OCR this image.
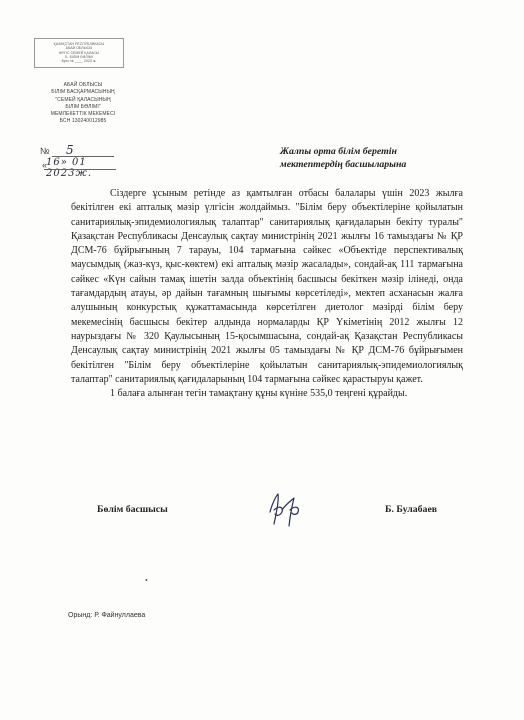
ҚАЗАҚСТАН РЕСПУБЛИКАСЫ
АБАЙ ОБЛЫСЫ
ЖҮГІС СЕМЕЙ ҚАЛАСЫ
Б. БІЛІМ БӨЛІМІ
Кіріс № ____ 2023 ж.
АБАЙ ОБЛЫСЫ
БІЛІМ БАСҚАРМАСЫНЫҢ
"СЕМЕЙ ҚАЛАСЫНЫҢ
БІЛІМ БӨЛІМІ"
МЕМЛЕКЕТТІК МЕКЕМЕСІ
БСН 130240012985
№ 5
«
16» 01 2023ж.
Жалпы орта білім беретін
мектептердің басшыларына

Сіздерге ұсыным ретінде аз қамтылған отбасы балалары үшін 2023 жылға бекітілген екі апталық мәзір үлгісін жолдаймыз. "Білім беру объектілеріне қойылатын санитариялық-эпидемиологиялық талаптар" санитариялық қағидаларын бекіту туралы" Қазақстан Республикасы Денсаулық сақтау министрінің 2021 жылғы 16 тамыздағы № ҚР ДСМ-76 бұйрығының 7 тарауы, 104 тармағына сәйкес «Объектіде перспективалық маусымдық (жаз-күз, қыс-көктем) екі апталық мәзір жасалады», сондай-ақ 111 тармағына сәйкес «Күн сайын тамақ ішетін залда объектінің басшысы бекіткен мәзір ілінеді, онда тағамдардың атауы, әр дайын тағамның шығымы көрсетіледі», мектеп асханасын жалға алушының конкурстық құжаттамасында көрсетілген диетолог мәзірді білім беру мекемесінің басшысы бекітер алдында нормаларды ҚР Үкіметінің 2012 жылғы 12 наурыздағы № 320 Қаулысының 15-қосымшасына, сондай-ақ Қазақстан Республикасы Денсаулық сақтау министрінің 2021 жылғы 05 тамыздағы № ҚР ДСМ-76 бұйрығымен бекітілген "Білім беру объектілеріне қойылатын санитариялық-эпидемиологиялық талаптар" санитариялық қағидаларының 104 тармағына сәйкес қарастыруы қажет.

1 балаға алынған тегін тамақтану құны күніне 535,0 теңгені құрайды.

Бөлім басшысы	Б. Булабаев
•
Орынд: Р. Файнуллаева
